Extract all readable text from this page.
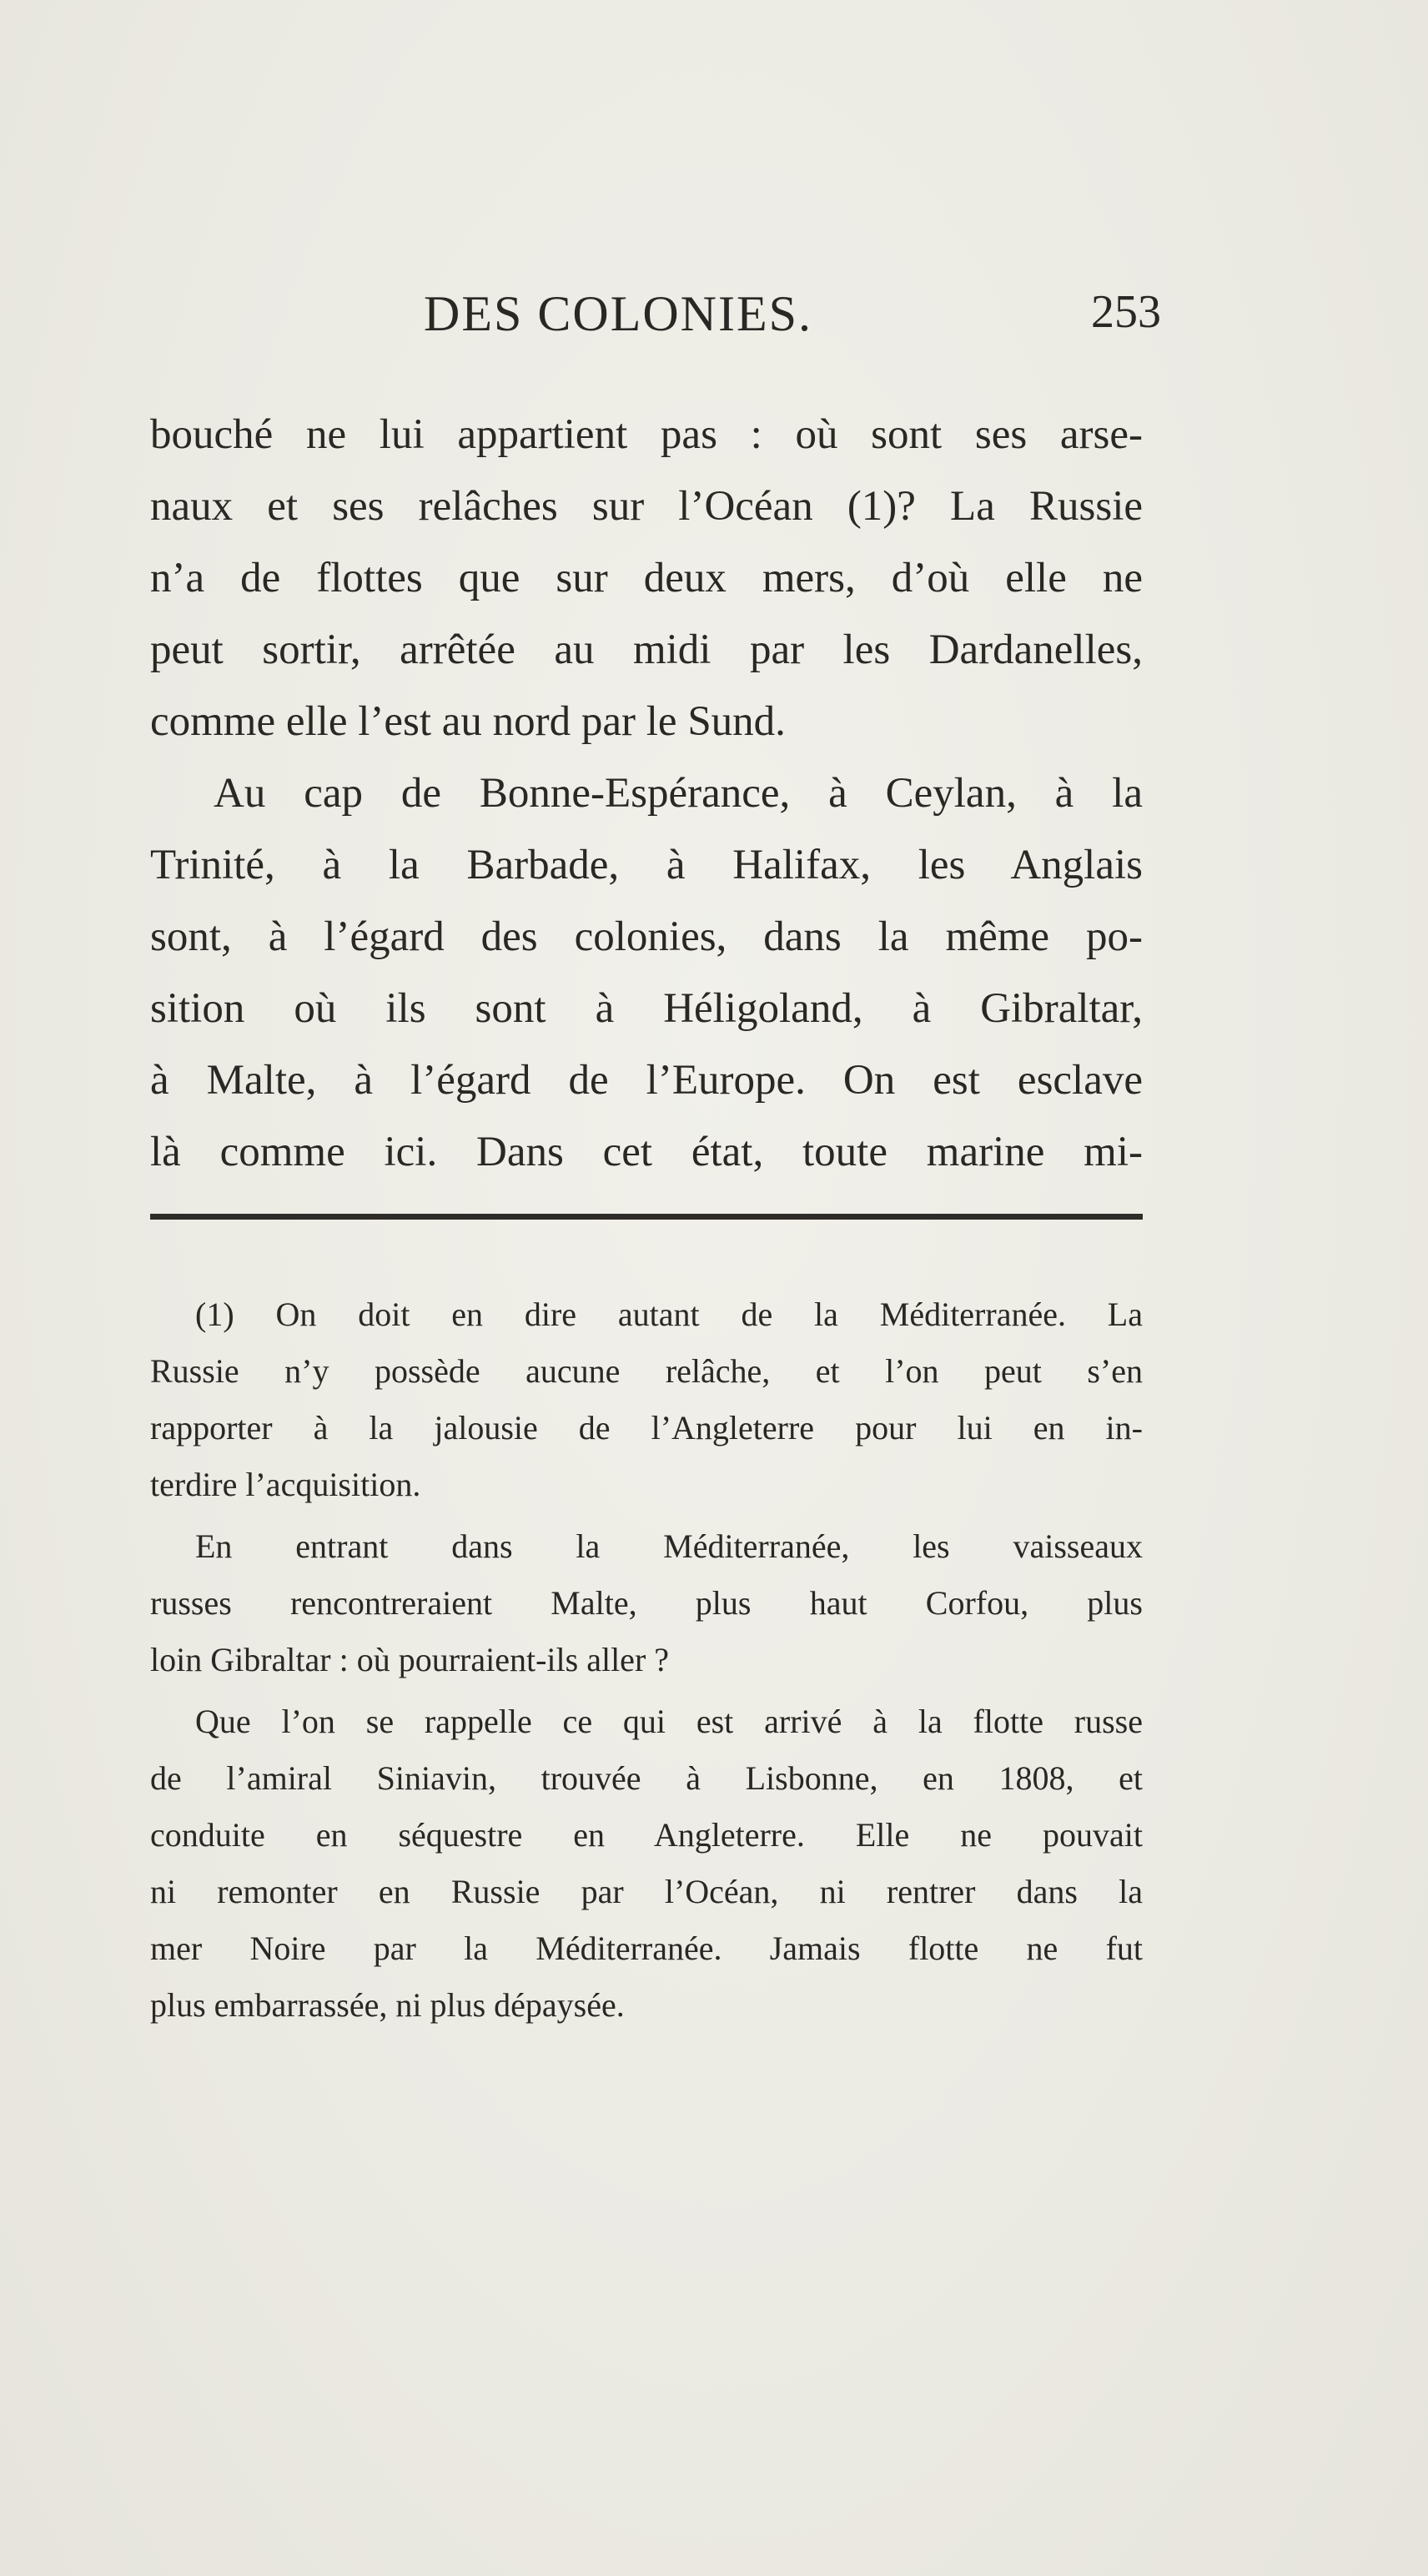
DES COLONIES.	253
bouché ne lui appartient pas : où sont ses arse-
naux et ses relâches sur l’Océan (1)? La Russie
n’a de flottes que sur deux mers, d’où elle ne
peut sortir, arrêtée au midi par les Dardanelles,
comme elle l’est au nord par le Sund.
Au cap de Bonne-Espérance, à Ceylan, à la
Trinité, à la Barbade, à Halifax, les Anglais
sont, à l’égard des colonies, dans la même po-
sition où ils sont à Héligoland, à Gibraltar,
à Malte, à l’égard de l’Europe. On est esclave
là comme ici. Dans cet état, toute marine mi-
(1) On doit en dire autant de la Méditerranée. La
Russie n’y possède aucune relâche, et l’on peut s’en
rapporter à la jalousie de l’Angleterre pour lui en in-
terdire l’acquisition.
En entrant dans la Méditerranée, les vaisseaux
russes rencontreraient Malte, plus haut Corfou, plus
loin Gibraltar : où pourraient-ils aller ?
Que l’on se rappelle ce qui est arrivé à la flotte russe
de l’amiral Siniavin, trouvée à Lisbonne, en 1808, et
conduite en séquestre en Angleterre. Elle ne pouvait
ni remonter en Russie par l’Océan, ni rentrer dans la
mer Noire par la Méditerranée. Jamais flotte ne fut
plus embarrassée, ni plus dépaysée.
